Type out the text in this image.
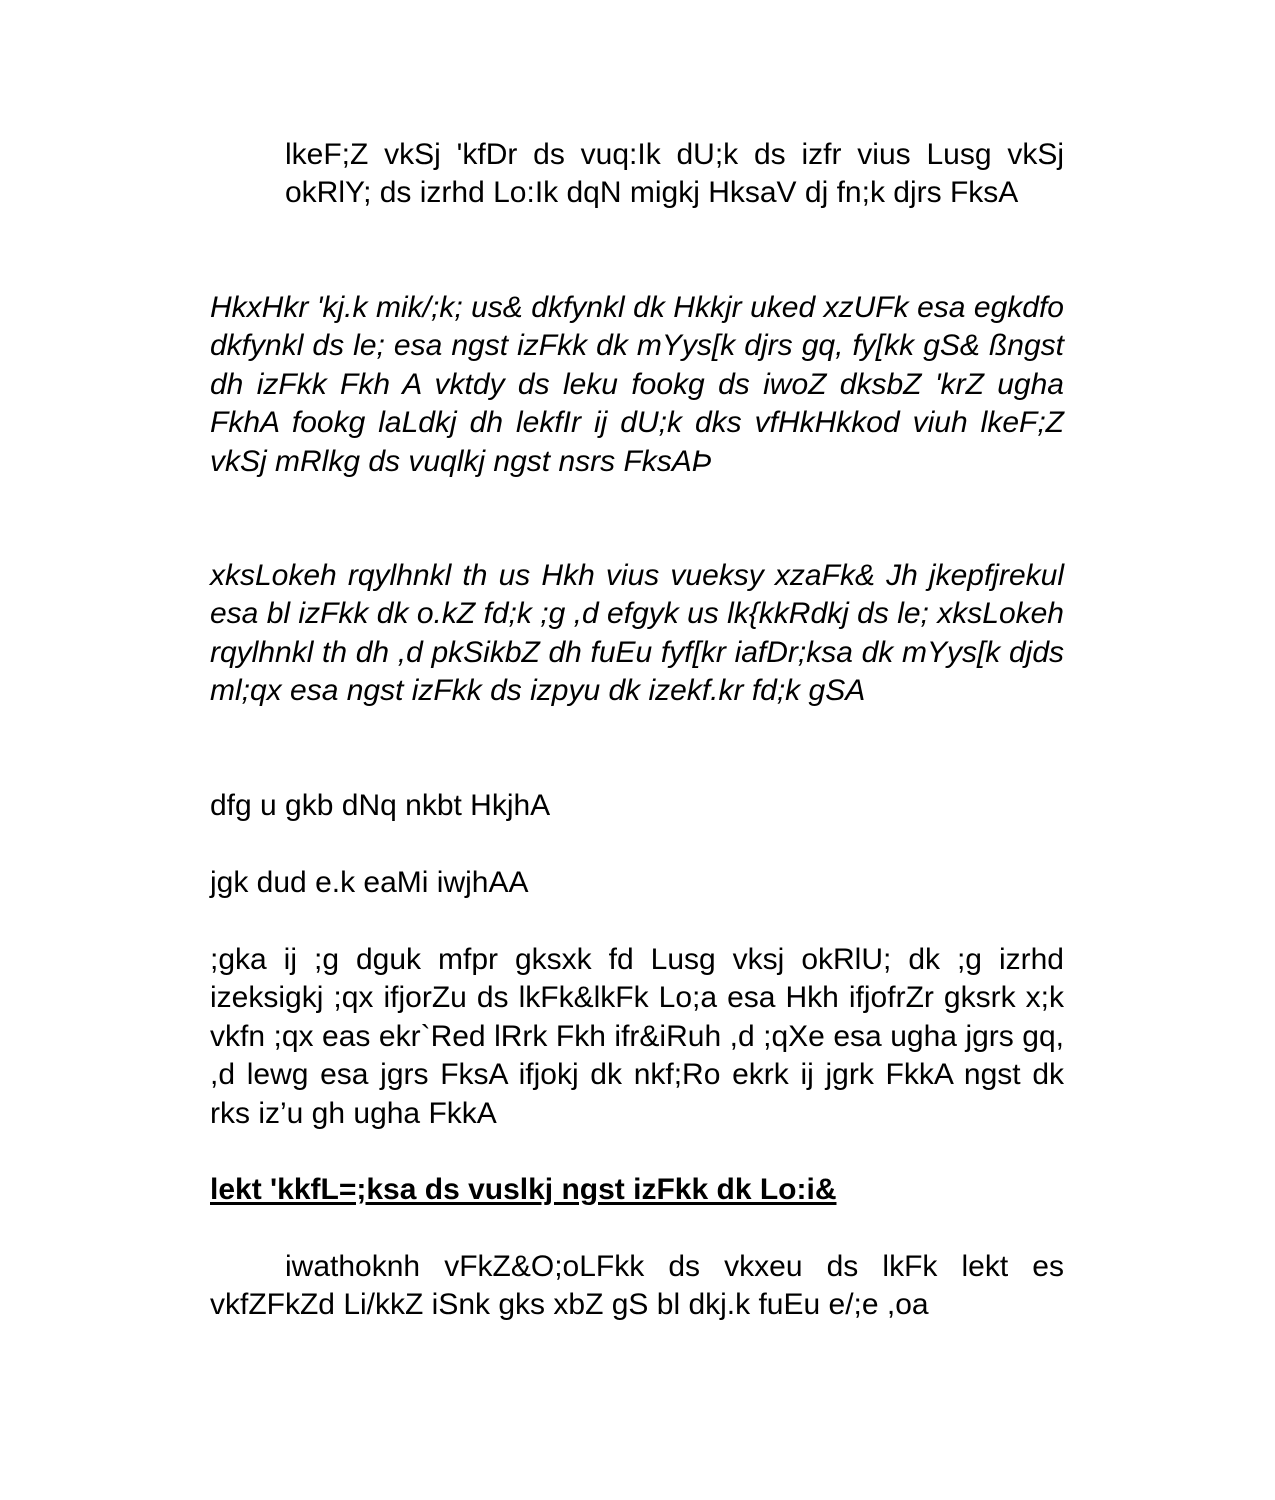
lkeF;Z vkSj 'kfDr ds vuq:Ik dU;k ds izfr vius Lusg vkSj okRlY; ds izrhd Lo:Ik dqN migkj HksaV dj fn;k djrs FksA

HkxHkr 'kj.k mik/;k; us& dkfynkl dk Hkkjr uked xzUFk esa egkdfo dkfynkl ds le; esa ngst izFkk dk mYys[k djrs gq, fy[kk gS& ßngst dh izFkk Fkh A vktdy ds leku fookg ds iwoZ dksbZ 'krZ ugha FkhA fookg laLdkj dh lekfIr ij dU;k dks vfHkHkkod viuh lkeF;Z vkSj mRlkg ds vuqlkj ngst nsrs FksAÞ

xksLokeh rqylhnkl th us Hkh vius vueksy xzaFk& Jh jkepfjrekul esa bl izFkk dk o.kZ fd;k ;g ,d efgyk us lk{kkRdkj ds le; xksLokeh rqylhnkl th dh ,d pkSikbZ dh fuEu fyf[kr iafDr;ksa dk mYys[k djds ml;qx esa ngst izFkk ds izpyu dk izekf.kr fd;k gSA

dfg u gkb dNq nkbt HkjhA

jgk dud e.k eaMi iwjhAA

;gka ij ;g dguk mfpr gksxk fd Lusg vksj okRlU; dk ;g izrhd izeksigkj ;qx ifjorZu ds lkFk&lkFk Lo;a esa Hkh ifjofrZr gksrk x;k vkfn ;qx eas ekr`Red lRrk Fkh ifr&iRuh ,d ;qXe esa ugha jgrs gq, ,d lewg esa jgrs FksA ifjokj dk nkf;Ro ekrk ij jgrk FkkA ngst dk rks iz’u gh ugha FkkA

lekt 'kkfL=;ksa ds vuslkj ngst izFkk dk Lo:i&

iwathoknh vFkZ&O;oLFkk ds vkxeu ds lkFk lekt es vkfZFkZd Li/kkZ iSnk gks xbZ gS bl dkj.k fuEu e/;e ,oa
